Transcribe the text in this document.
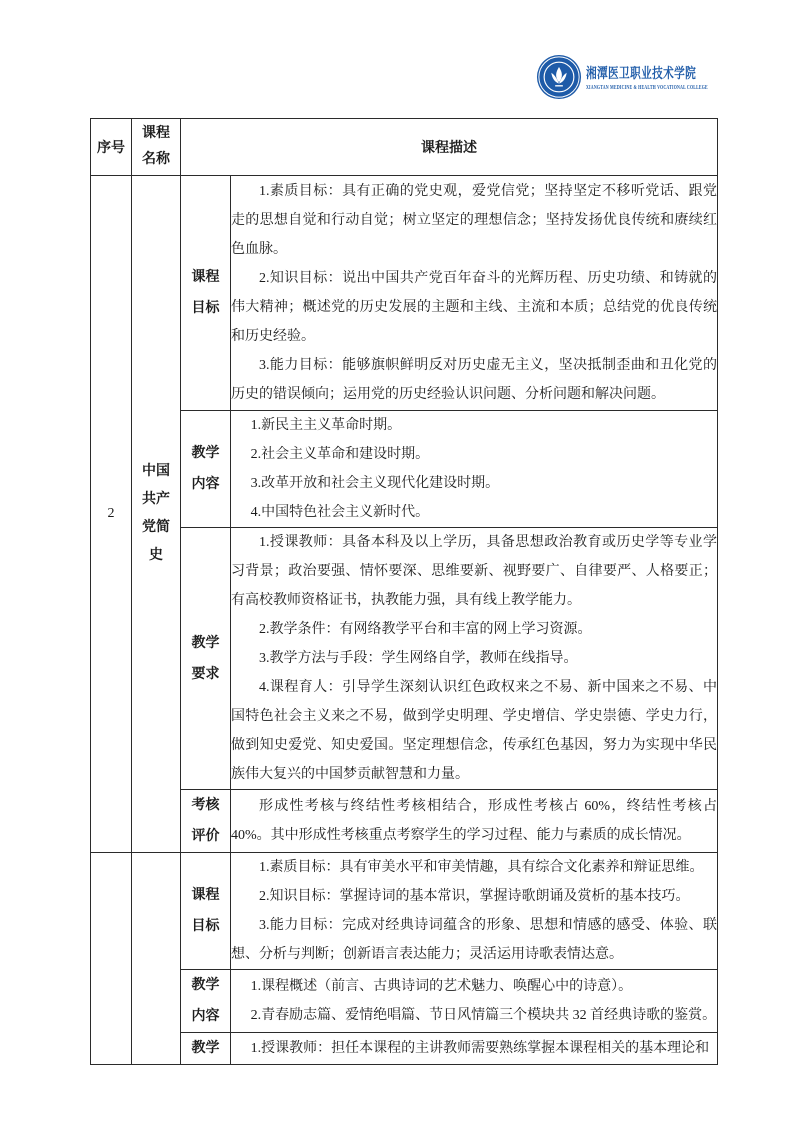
湘潭医卫职业技术学院
XIANGTAN MEDICINE & HEALTH VOCATIONAL COLLEGE
序号	课程名称	课程描述	
2	中国共产党简史	课程目标	1.素质目标：具有正确的党史观，爱党信党；坚持坚定不移听党话、跟党走的思想自觉和行动自觉；树立坚定的理想信念；坚持发扬优良传统和赓续红色血脉。

2.知识目标：说出中国共产党百年奋斗的光辉历程、历史功绩、和铸就的伟大精神；概述党的历史发展的主题和主线、主流和本质；总结党的优良传统和历史经验。

3.能力目标：能够旗帜鲜明反对历史虚无主义，坚决抵制歪曲和丑化党的历史的错误倾向；运用党的历史经验认识问题、分析问题和解决问题。

		教学内容	1.新民主主义革命时期。

2.社会主义革命和建设时期。

3.改革开放和社会主义现代化建设时期。

4.中国特色社会主义新时代。

		教学要求	1.授课教师：具备本科及以上学历，具备思想政治教育或历史学等专业学习背景；政治要强、情怀要深、思维要新、视野要广、自律要严、人格要正；有高校教师资格证书，执教能力强，具有线上教学能力。

2.教学条件：有网络教学平台和丰富的网上学习资源。

3.教学方法与手段：学生网络自学，教师在线指导。

4.课程育人：引导学生深刻认识红色政权来之不易、新中国来之不易、中国特色社会主义来之不易，做到学史明理、学史增信、学史崇德、学史力行，做到知史爱党、知史爱国。坚定理想信念，传承红色基因，努力为实现中华民族伟大复兴的中国梦贡献智慧和力量。

		考核评价	形成性考核与终结性考核相结合，形成性考核占 60%，终结性考核占 40%。其中形成性考核重点考察学生的学习过程、能力与素质的成长情况。

		课程目标	1.素质目标：具有审美水平和审美情趣，具有综合文化素养和辩证思维。

2.知识目标：掌握诗词的基本常识，掌握诗歌朗诵及赏析的基本技巧。

3.能力目标：完成对经典诗词蕴含的形象、思想和情感的感受、体验、联想、分析与判断；创新语言表达能力；灵活运用诗歌表情达意。

		教学内容	1.课程概述（前言、古典诗词的艺术魅力、唤醒心中的诗意）。

2.青春励志篇、爱情绝唱篇、节日风情篇三个模块共 32 首经典诗歌的鉴赏。

		教学	1.授课教师：担任本课程的主讲教师需要熟练掌握本课程相关的基本理论和
